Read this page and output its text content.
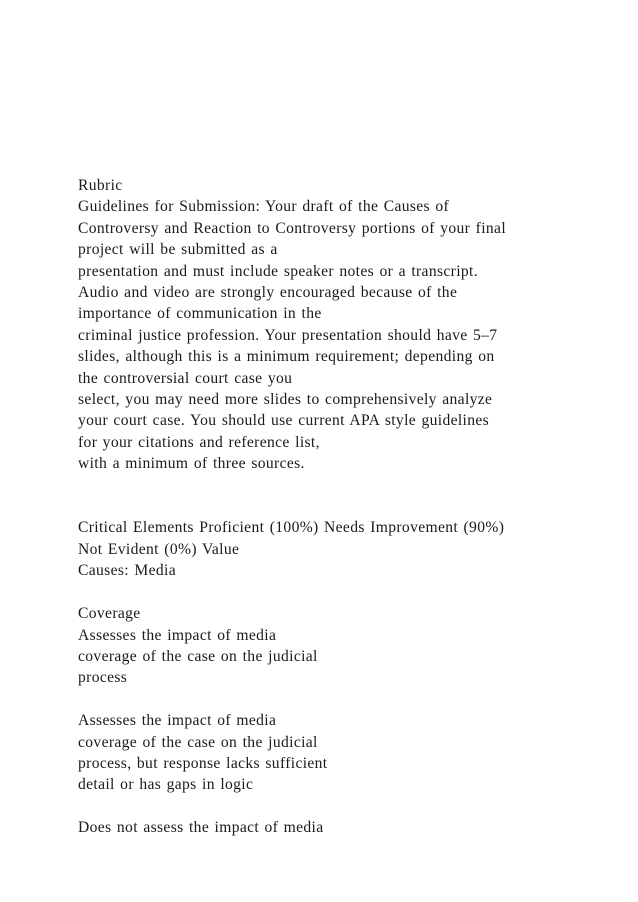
Rubric
Guidelines for Submission: Your draft of the Causes of
Controversy and Reaction to Controversy portions of your final
project will be submitted as a
presentation and must include speaker notes or a transcript.
Audio and video are strongly encouraged because of the
importance of communication in the
criminal justice profession. Your presentation should have 5–7
slides, although this is a minimum requirement; depending on
the controversial court case you
select, you may need more slides to comprehensively analyze
your court case. You should use current APA style guidelines
for your citations and reference list,
with a minimum of three sources.
Critical Elements Proficient (100%) Needs Improvement (90%)
Not Evident (0%) Value
Causes: Media
Coverage
Assesses the impact of media
coverage of the case on the judicial
process
Assesses the impact of media
coverage of the case on the judicial
process, but response lacks sufficient
detail or has gaps in logic
Does not assess the impact of media
